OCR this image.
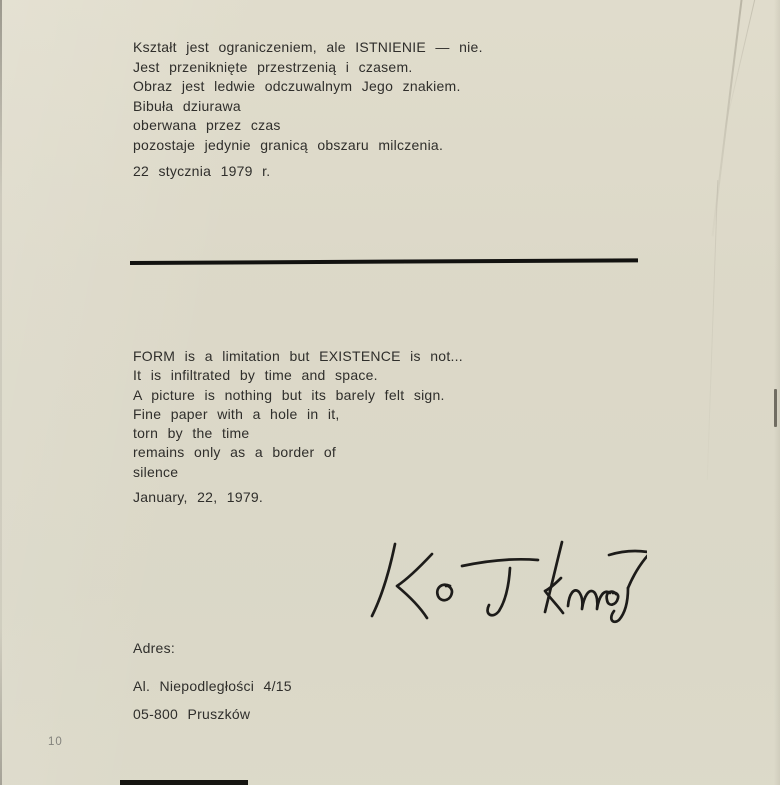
Kształt jest ograniczeniem, ale ISTNIENIE — nie.
Jest przeniknięte przestrzenią i czasem.
Obraz jest ledwie odczuwalnym Jego znakiem.
Bibuła dziurawa
oberwana przez czas
pozostaje jedynie granicą obszaru milczenia.
22 stycznia 1979 r.
FORM is a limitation but EXISTENCE is not...
It is infiltrated by time and space.
A picture is nothing but its barely felt sign.
Fine paper with a hole in it,
torn by the time
remains only as a border of
silence
January, 22, 1979.
Adres:
Al. Niepodległości 4/15
05-800 Pruszków
10
